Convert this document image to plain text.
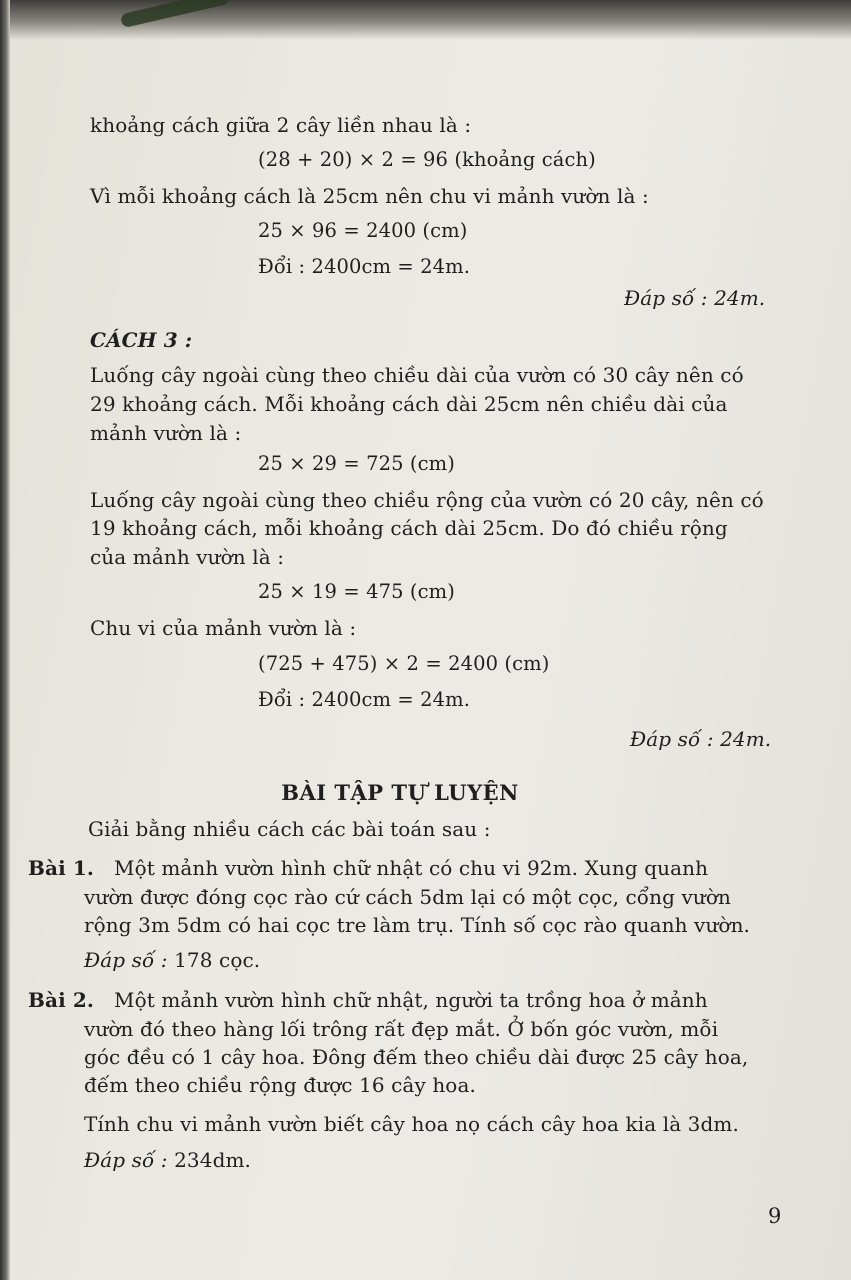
khoảng cách giữa 2 cây liền nhau là :
(28 + 20) × 2 = 96 (khoảng cách)
Vì mỗi khoảng cách là 25cm nên chu vi mảnh vườn là :
25 × 96 = 2400 (cm)
Đổi : 2400cm = 24m.
Đáp số : 24m.
CÁCH 3 :
Luống cây ngoài cùng theo chiều dài của vườn có 30 cây nên có
29 khoảng cách. Mỗi khoảng cách dài 25cm nên chiều dài của
mảnh vườn là :
25 × 29 = 725 (cm)
Luống cây ngoài cùng theo chiều rộng của vườn có 20 cây, nên có
19 khoảng cách, mỗi khoảng cách dài 25cm. Do đó chiều rộng
của mảnh vườn là :
25 × 19 = 475 (cm)
Chu vi của mảnh vườn là :
(725 + 475) × 2 = 2400 (cm)
Đổi : 2400cm = 24m.
Đáp số : 24m.
BÀI TẬP TỰ LUYỆN
Giải bằng nhiều cách các bài toán sau :
Bài 1. Một mảnh vườn hình chữ nhật có chu vi 92m. Xung quanh
vườn được đóng cọc rào cứ cách 5dm lại có một cọc, cổng vườn
rộng 3m 5dm có hai cọc tre làm trụ. Tính số cọc rào quanh vườn.
Đáp số : 178 cọc.
Bài 2. Một mảnh vườn hình chữ nhật, người ta trồng hoa ở mảnh
vườn đó theo hàng lối trông rất đẹp mắt. Ở bốn góc vườn, mỗi
góc đều có 1 cây hoa. Đông đếm theo chiều dài được 25 cây hoa,
đếm theo chiều rộng được 16 cây hoa.
Tính chu vi mảnh vườn biết cây hoa nọ cách cây hoa kia là 3dm.
Đáp số : 234dm.
9
